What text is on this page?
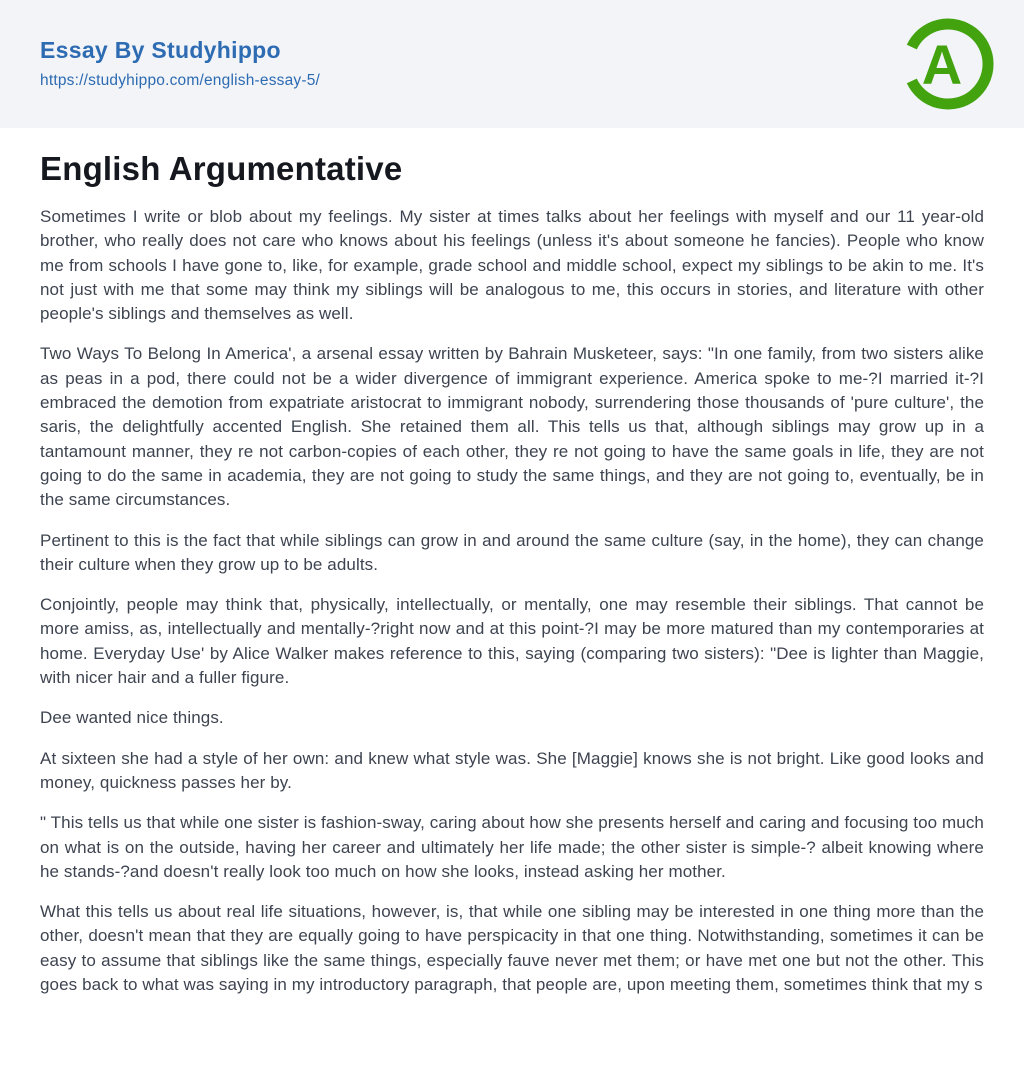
Essay By Studyhippo
https://studyhippo.com/english-essay-5/	A
English Argumentative

Sometimes I write or blob about my feelings. My sister at times talks about her feelings with myself and our 11 year-old brother, who really does not care who knows about his feelings (unless it's about someone he fancies). People who know me from schools I have gone to, like, for example, grade school and middle school, expect my siblings to be akin to me. It's not just with me that some may think my siblings will be analogous to me, this occurs in stories, and literature with other people's siblings and themselves as well.

Two Ways To Belong In America', a arsenal essay written by Bahrain Musketeer, says: "In one family, from two sisters alike as peas in a pod, there could not be a wider divergence of immigrant experience. America spoke to me-?I married it-?I embraced the demotion from expatriate aristocrat to immigrant nobody, surrendering those thousands of 'pure culture', the saris, the delightfully accented English. She retained them all. This tells us that, although siblings may grow up in a tantamount manner, they re not carbon-copies of each other, they re not going to have the same goals in life, they are not going to do the same in academia, they are not going to study the same things, and they are not going to, eventually, be in the same circumstances.

Pertinent to this is the fact that while siblings can grow in and around the same culture (say, in the home), they can change their culture when they grow up to be adults.

Conjointly, people may think that, physically, intellectually, or mentally, one may resemble their siblings. That cannot be more amiss, as, intellectually and mentally-?right now and at this point-?I may be more matured than my contemporaries at home. Everyday Use' by Alice Walker makes reference to this, saying (comparing two sisters): "Dee is lighter than Maggie, with nicer hair and a fuller figure.

Dee wanted nice things.

At sixteen she had a style of her own: and knew what style was. She [Maggie] knows she is not bright. Like good looks and money, quickness passes her by.

" This tells us that while one sister is fashion-sway, caring about how she presents herself and caring and focusing too much on what is on the outside, having her career and ultimately her life made; the other sister is simple-? albeit knowing where he stands-?and doesn't really look too much on how she looks, instead asking her mother.

What this tells us about real life situations, however, is, that while one sibling may be interested in one thing more than the other, doesn't mean that they are equally going to have perspicacity in that one thing. Notwithstanding, sometimes it can be easy to assume that siblings like the same things, especially fauve never met them; or have met one but not the other. This goes back to what was saying in my introductory paragraph, that people are, upon meeting them, sometimes think that my s
